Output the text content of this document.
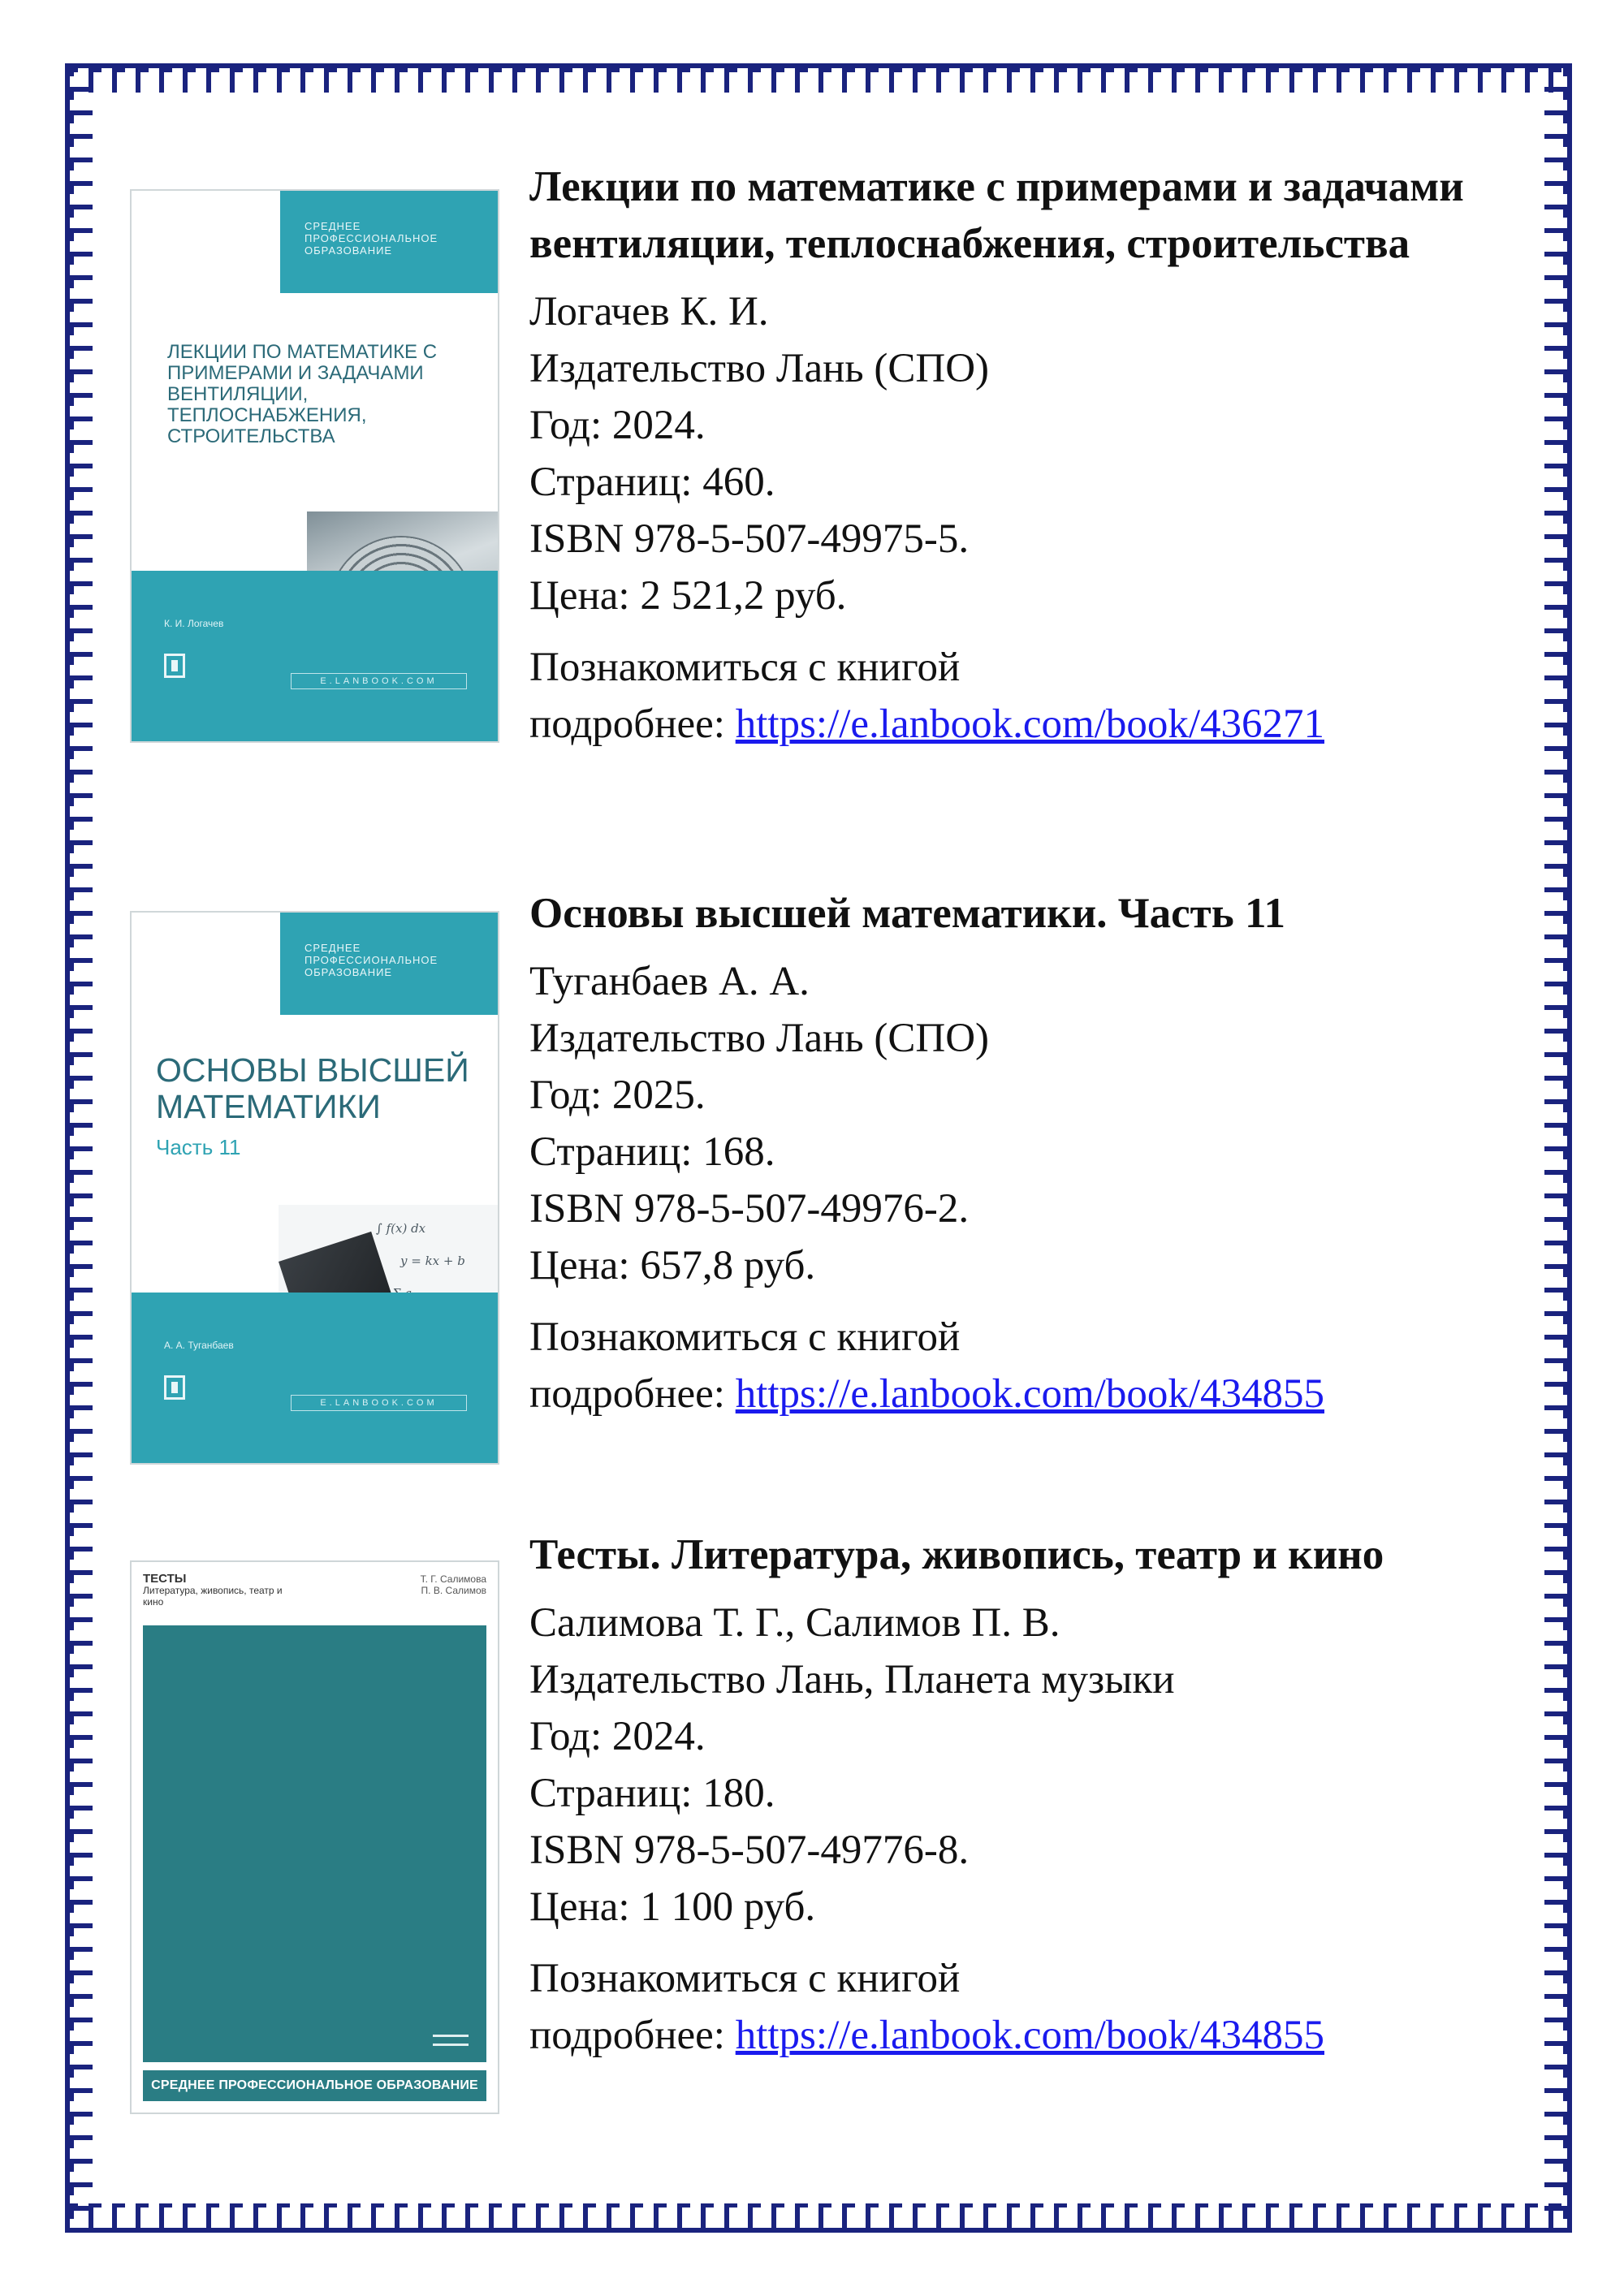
СРЕДНЕЕ ПРОФЕССИОНАЛЬНОЕ ОБРАЗОВАНИЕ
ЛЕКЦИИ ПО МАТЕМАТИКЕ С ПРИМЕРАМИ И ЗАДАЧАМИ ВЕНТИЛЯЦИИ, ТЕПЛОСНАБЖЕНИЯ, СТРОИТЕЛЬСТВА
К. И. Логачев
E.LANBOOK.COM
Лекции по математике с примерами и задачами вентиляции, теплоснабжения, строительства
Логачев К. И.
Издательство Лань (СПО)
Год: 2024.
Страниц: 460.
ISBN 978-5-507-49975-5.
Цена: 2 521,2 руб.
Познакомиться с книгой
подробнее: https://e.lanbook.com/book/436271
СРЕДНЕЕ ПРОФЕССИОНАЛЬНОЕ ОБРАЗОВАНИЕ
ОСНОВЫ ВЫСШЕЙ МАТЕМАТИКИ
Часть 11
∫ f(x) dx
y = kx + b
А. А. Туганбаев
E.LANBOOK.COM
Основы высшей математики. Часть 11
Туганбаев А. А.
Издательство Лань (СПО)
Год: 2025.
Страниц: 168.
ISBN 978-5-507-49976-2.
Цена: 657,8 руб.
Познакомиться с книгой
подробнее: https://e.lanbook.com/book/434855
ТЕСТЫ
Литература, живопись, театр и кино
Т. Г. Салимова
П. В. Салимов
СРЕДНЕЕ ПРОФЕССИОНАЛЬНОЕ ОБРАЗОВАНИЕ
Тесты. Литература, живопись, театр и кино
Салимова Т. Г., Салимов П. В.
Издательство Лань, Планета музыки
Год: 2024.
Страниц: 180.
ISBN 978-5-507-49776-8.
Цена: 1 100 руб.
Познакомиться с книгой
подробнее: https://e.lanbook.com/book/434855
